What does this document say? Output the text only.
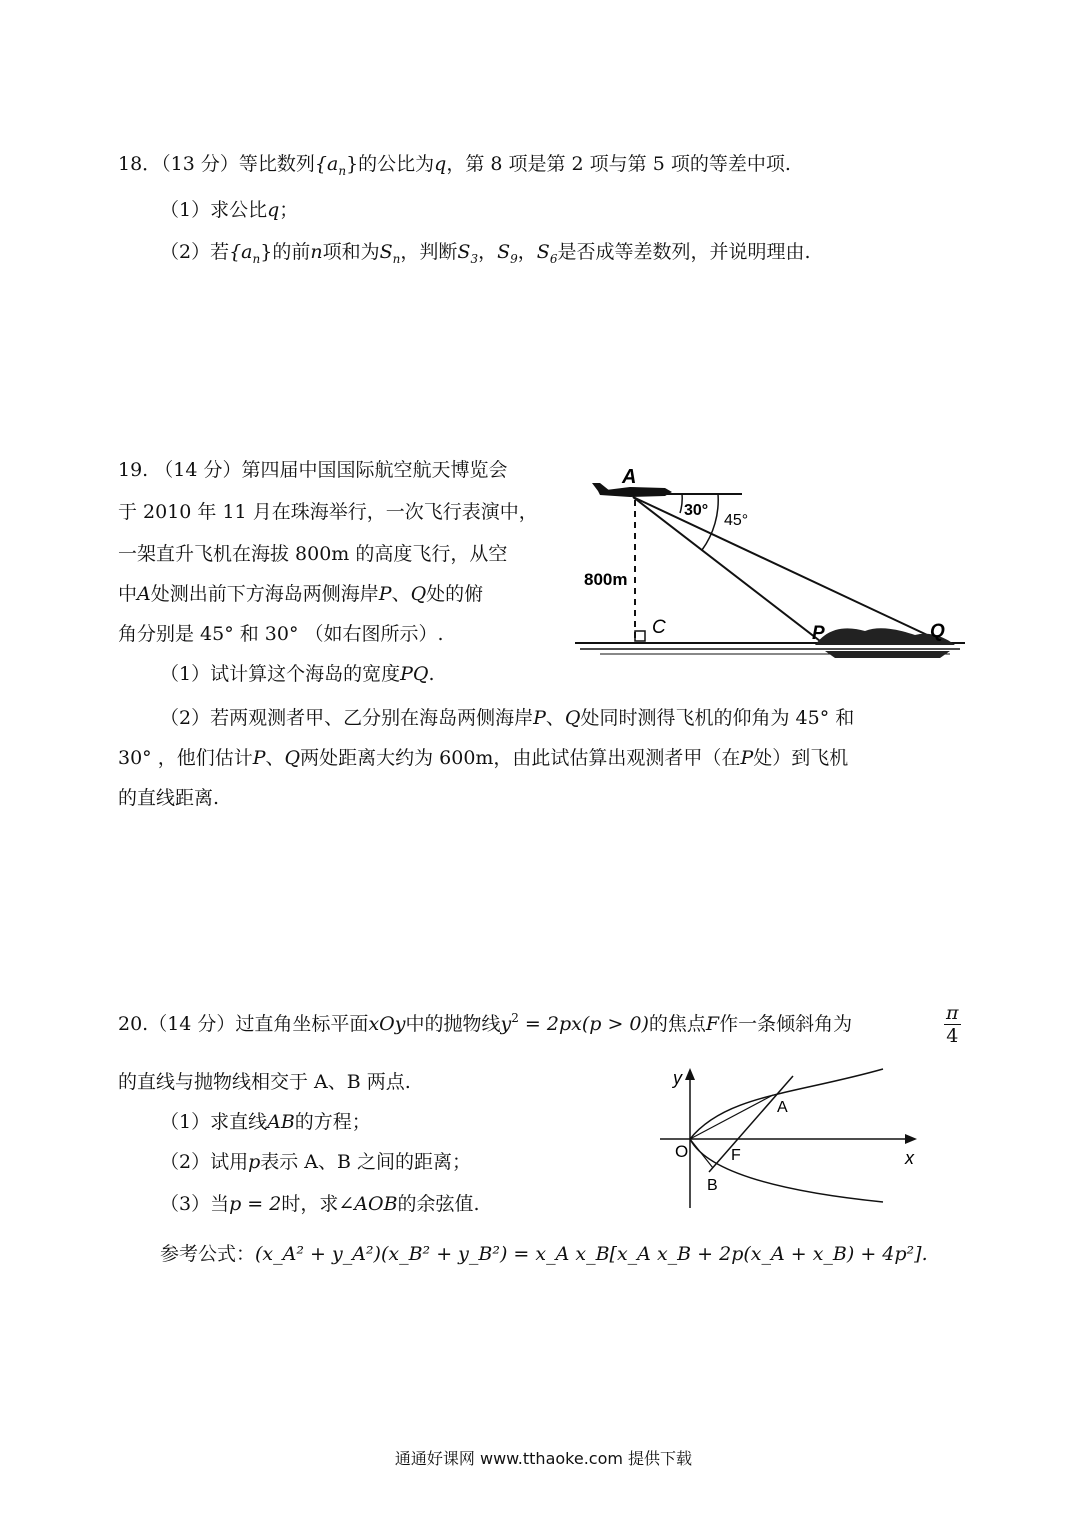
18．（13 分）等比数列$\{a_n\}$的公比为q，第 8 项是第 2 项与第 5 项的等差中项.
（1）求公比q；
（2）若$\{a_n\}$的前n项和为$S_n$，判断$S_3$，$S_9$，$S_6$是否成等差数列，并说明理由.
19. （14 分）第四届中国国际航空航天博览会
于 2010 年 11 月在珠海举行，一次飞行表演中，
一架直升飞机在海拔 800m 的高度飞行，从空
中A处测出前下方海岛两侧海岸P、Q处的俯
角分别是 45° 和 30° （如右图所示）.
（1）试计算这个海岛的宽度PQ.
（2）若两观测者甲、乙分别在海岛两侧海岸P、Q处同时测得飞机的仰角为 45° 和
30° ，他们估计P、Q两处距离大约为 600m，由此试估算出观测者甲（在P处）到飞机
的直线距离.
A
30°
45°
800m
C	P	Q
20.（14 分）过直角坐标平面xOy中的抛物线$y^2 = 2px(p > 0)$的焦点F作一条倾斜角为	$\frac{\pi}{4}$
的直线与抛物线相交于 A、B 两点.
（1）求直线AB的方程；
（2）试用p表示 A、B 之间的距离；
（3）当p = 2时，求∠AOB的余弦值.
参考公式：(x_A² + y_A²)(x_B² + y_B²) = x_A x_B[x_A x_B + 2p(x_A + x_B) + 4p²].
y
x
O	F
A
B
通通好课网 www.tthaoke.com 提供下载
